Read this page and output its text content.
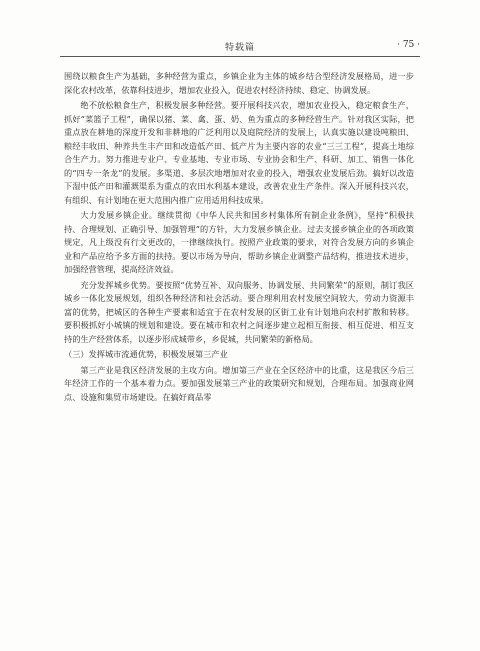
特载篇	· 75 ·

围绕以粮食生产为基础，多种经营为重点，乡镇企业为主体的城乡结合型经济发展格局，进一步深化农村改革，依靠科技进步，增加农业投入，促进农村经济持续、稳定、协调发展。

绝不放松粮食生产，积极发展多种经营。要开展科技兴农，增加农业投入，稳定粮食生产，抓好“菜篮子工程”，确保以猪、菜、禽、蛋、奶、鱼为重点的多种经营生产。针对我区实际，把重点放在耕地的深度开发和非耕地的广泛利用以及庭院经济的发展上，认真实施以建设吨粮田、粮经丰收田、种养共生丰产田和改造低产田、低产片为主要内容的农业“三三工程”，提高土地综合生产力。努力推进专业户、专业基地、专业市场、专业协会和生产、科研、加工、销售一体化的“四专一条龙”的发展。多渠道、多层次地增加对农业的投入，增强农业发展后劲。搞好以改造下湿中低产田和灌溉渠系为重点的农田水利基本建设，改善农业生产条件。深入开展科技兴农，有组织、有计划地在更大范围内推广应用适用科技成果。

大力发展乡镇企业。继续贯彻《中华人民共和国乡村集体所有制企业条例》，坚持“积极扶持、合理规划、正确引导、加强管理”的方针，大力发展乡镇企业。过去支援乡镇企业的各项政策规定，凡上级没有行文更改的，一律继续执行。按照产业政策的要求，对符合发展方向的乡镇企业和产品应给予多方面的扶持。要以市场为导向，帮助乡镇企业调整产品结构，推进技术进步，加强经营管理，提高经济效益。

充分发挥城乡优势。要按照“优势互补、双向服务、协调发展、共同繁荣”的原则，制订我区城乡一体化发展规划，组织各种经济和社会活动。要合理利用农村发展空间较大，劳动力资源丰富的优势，把城区的各种生产要素和适宜于在农村发展的区街工业有计划地向农村扩散和转移。要积极抓好小城镇的规划和建设。要在城市和农村之间逐步建立起相互衔接、相互促进、相互支持的生产经营体系，以逐步形成城带乡，乡促城，共同繁荣的新格局。

（三）发挥城市流通优势，积极发展第三产业

第三产业是我区经济发展的主攻方向。增加第三产业在全区经济中的比重，这是我区今后三年经济工作的一个基本着力点。要加强发展第三产业的政策研究和规划，合理布局。加强商业网点、设施和集贸市场建设。在搞好商品零
